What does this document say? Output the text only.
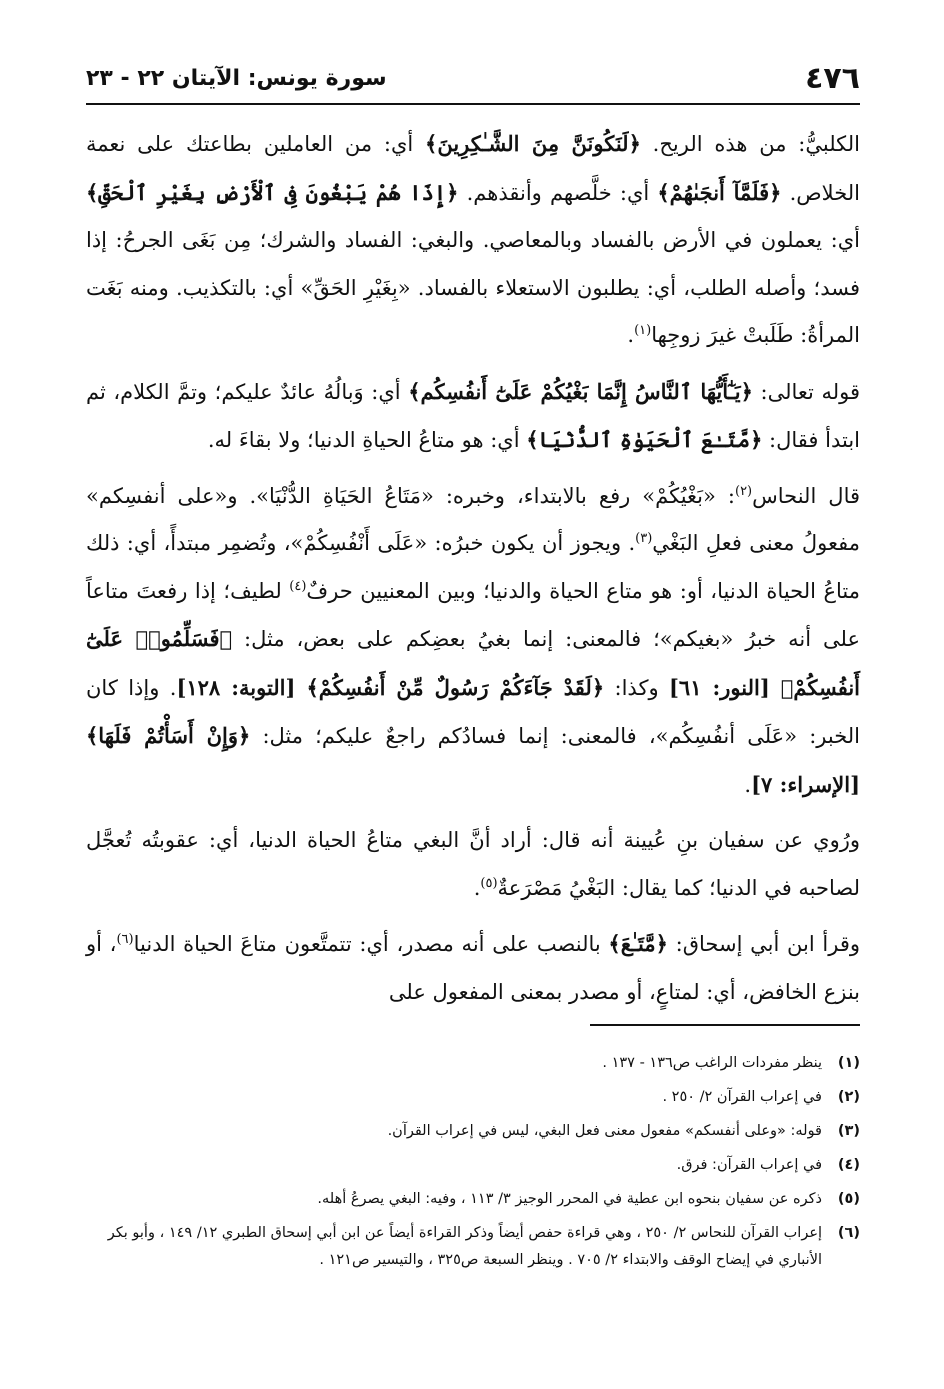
٤٧٦
سورة يونس: الآيتان ٢٢ - ٢٣

الكلبيُّ: من هذه الريح. ﴿لَنَكُونَنَّ مِنَ الشَّـٰكِرِينَ﴾ أي: من العاملين بطاعتك على نعمة الخلاص. ﴿فَلَمَّآ أَنجَىٰهُمْ﴾ أي: خلَّصهم وأنقذهم. ﴿إِذَا هُمْ يَبْغُونَ فِى ٱلْأَرْضِ بِغَيْرِ ٱلْحَقِّ﴾ أي: يعملون في الأرض بالفساد وبالمعاصي. والبغي: الفساد والشرك؛ مِن بَغَى الجرحُ: إذا فسد؛ وأصله الطلب، أي: يطلبون الاستعلاء بالفساد. «بِغَيْرِ الحَقِّ» أي: بالتكذيب. ومنه بَغَت المرأةُ: طَلَبتْ غيرَ زوجِها$^{(١)}$.

قوله تعالى: ﴿يَـٰٓأَيُّهَا ٱلنَّاسُ إِنَّمَا بَغْيُكُمْ عَلَىٰٓ أَنفُسِكُم﴾ أي: وَبالُهُ عائدٌ عليكم؛ وتمَّ الكلام، ثم ابتدأ فقال: ﴿مَّتَـٰعَ ٱلْحَيَوٰةِ ٱلدُّنْيَا﴾ أي: هو متاعُ الحياةِ الدنيا؛ ولا بقاءَ له.

قال النحاس$^{(٢)}$: «بَغْيُكُمْ» رفع بالابتداء، وخبره: «مَتَاعُ الحَيَاةِ الدُّنْيَا». و«على أنفسِكم» مفعولُ معنى فعلِ البَغْي$^{(٣)}$. ويجوز أن يكون خبرُه: «عَلَى أَنْفُسِكُمْ»، وتُضمِر مبتدأً، أي: ذلك متاعُ الحياة الدنيا، أو: هو متاع الحياة والدنيا؛ وبين المعنيين حرفٌ$^{(٤)}$ لطيف؛ إذا رفعتَ متاعاً على أنه خبرُ «بغيكم»؛ فالمعنى: إنما بغيُ بعضِكم على بعض، مثل: ﴿فَسَلِّمُوا۟ عَلَىٰٓ أَنفُسِكُمْ﴾ [النور: ٦١] وكذا: ﴿لَقَدْ جَآءَكُمْ رَسُولٌ مِّنْ أَنفُسِكُمْ﴾ [التوبة: ١٢٨]. وإذا كان الخبر: «عَلَى أنفُسِكُم»، فالمعنى: إنما فسادُكم راجعٌ عليكم؛ مثل: ﴿وَإِنْ أَسَأْتُمْ فَلَهَا﴾ [الإسراء: ٧].

ورُوي عن سفيان بنِ عُيينة أنه قال: أراد أنَّ البغي متاعُ الحياة الدنيا، أي: عقوبتُه تُعجَّل لصاحبه في الدنيا؛ كما يقال: البَغْيُ مَصْرَعةٌ$^{(٥)}$.

وقرأ ابن أبي إسحاق: ﴿مَّتَـٰعَ﴾ بالنصب على أنه مصدر، أي: تتمتَّعون متاعَ الحياة الدنيا$^{(٦)}$، أو بنزع الخافض، أي: لمتاعٍ، أو مصدر بمعنى المفعول على

(١)
ينظر مفردات الراغب ص١٣٦ - ١٣٧ .
(٢)
في إعراب القرآن ٢/ ٢٥٠ .
(٣)
قوله: «وعلى أنفسكم» مفعول معنى فعل البغي، ليس في إعراب القرآن.
(٤)
في إعراب القرآن: فرق.
(٥)
ذكره عن سفيان بنحوه ابن عطية في المحرر الوجيز ٣/ ١١٣ ، وفيه: البغي يصرعُ أهله.
(٦)
إعراب القرآن للنحاس ٢/ ٢٥٠ ، وهي قراءة حفص أيضاً وذكر القراءة أيضاً عن ابن أبي إسحاق الطبري ١٢/ ١٤٩ ، وأبو بكر الأنباري في إيضاح الوقف والابتداء ٢/ ٧٠٥ . وينظر السبعة ص٣٢٥ ، والتيسير ص١٢١ .
